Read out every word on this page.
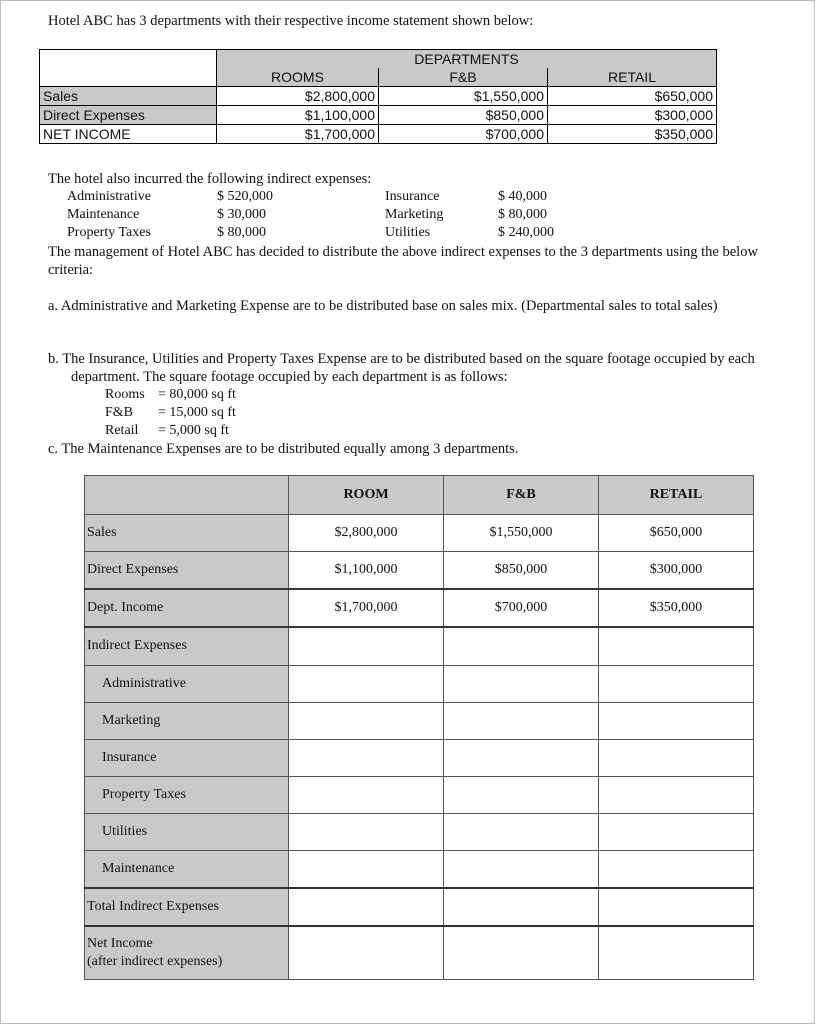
Hotel ABC has 3 departments with their respective income statement shown below:
	DEPARTMENTS		
	ROOMS	F&B	RETAIL
Sales	$2,800,000	$1,550,000	$650,000
Direct Expenses	$1,100,000	$850,000	$300,000
NET INCOME	$1,700,000	$700,000	$350,000
The hotel also incurred the following indirect expenses:
Administrative	$ 520,000	Insurance	$ 40,000
Maintenance	$ 30,000	Marketing	$ 80,000
Property Taxes	$ 80,000	Utilities	$ 240,000
The management of Hotel ABC has decided to distribute the above indirect expenses to the 3 departments using the below criteria:
a. Administrative and Marketing Expense are to be distributed base on sales mix. (Departmental sales to total sales)
b. The Insurance, Utilities and Property Taxes Expense are to be distributed based on the square footage occupied by each department. The square footage occupied by each department is as follows:
Rooms = 80,000 sq ft
F&B = 15,000 sq ft
Retail = 5,000 sq ft
c. The Maintenance Expenses are to be distributed equally among 3 departments.
	ROOM	F&B	RETAIL
Sales	$2,800,000	$1,550,000	$650,000
Direct Expenses	$1,100,000	$850,000	$300,000
Dept. Income	$1,700,000	$700,000	$350,000
Indirect Expenses			
Administrative			
Marketing			
Insurance			
Property Taxes			
Utilities			
Maintenance			
Total Indirect Expenses			

Net Income
(after indirect expenses)			
